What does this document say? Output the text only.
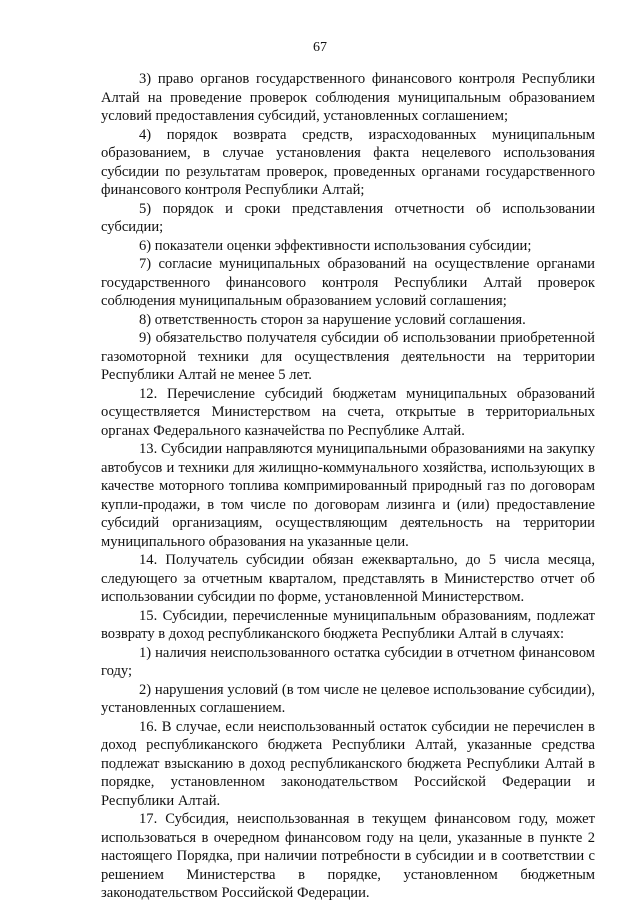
67

3) право органов государственного финансового контроля Республики Алтай на проведение проверок соблюдения муниципальным образованием условий предоставления субсидий, установленных соглашением;

4) порядок возврата средств, израсходованных муниципальным образованием, в случае установления факта нецелевого использования субсидии по результатам проверок, проведенных органами государственного финансового контроля Республики Алтай;

5) порядок и сроки представления отчетности об использовании субсидии;

6) показатели оценки эффективности использования субсидии;

7) согласие муниципальных образований на осуществление органами государственного финансового контроля Республики Алтай проверок соблюдения муниципальным образованием условий соглашения;

8) ответственность сторон за нарушение условий соглашения.

9) обязательство получателя субсидии об использовании приобретенной газомоторной техники для осуществления деятельности на территории Республики Алтай не менее 5 лет.

12. Перечисление субсидий бюджетам муниципальных образований осуществляется Министерством на счета, открытые в территориальных органах Федерального казначейства по Республике Алтай.

13. Субсидии направляются муниципальными образованиями на закупку автобусов и техники для жилищно-коммунального хозяйства, использующих в качестве моторного топлива компримированный природный газ по договорам купли-продажи, в том числе по договорам лизинга и (или) предоставление субсидий организациям, осуществляющим деятельность на территории муниципального образования на указанные цели.

14. Получатель субсидии обязан ежеквартально, до 5 числа месяца, следующего за отчетным кварталом, представлять в Министерство отчет об использовании субсидии по форме, установленной Министерством.

15. Субсидии, перечисленные муниципальным образованиям, подлежат возврату в доход республиканского бюджета Республики Алтай в случаях:

1) наличия неиспользованного остатка субсидии в отчетном финансовом году;

2) нарушения условий (в том числе не целевое использование субсидии), установленных соглашением.

16. В случае, если неиспользованный остаток субсидии не перечислен в доход республиканского бюджета Республики Алтай, указанные средства подлежат взысканию в доход республиканского бюджета Республики Алтай в порядке, установленном законодательством Российской Федерации и Республики Алтай.

17. Субсидия, неиспользованная в текущем финансовом году, может использоваться в очередном финансовом году на цели, указанные в пункте 2 настоящего Порядка, при наличии потребности в субсидии и в соответствии с решением Министерства в порядке, установленном бюджетным законодательством Российской Федерации.
